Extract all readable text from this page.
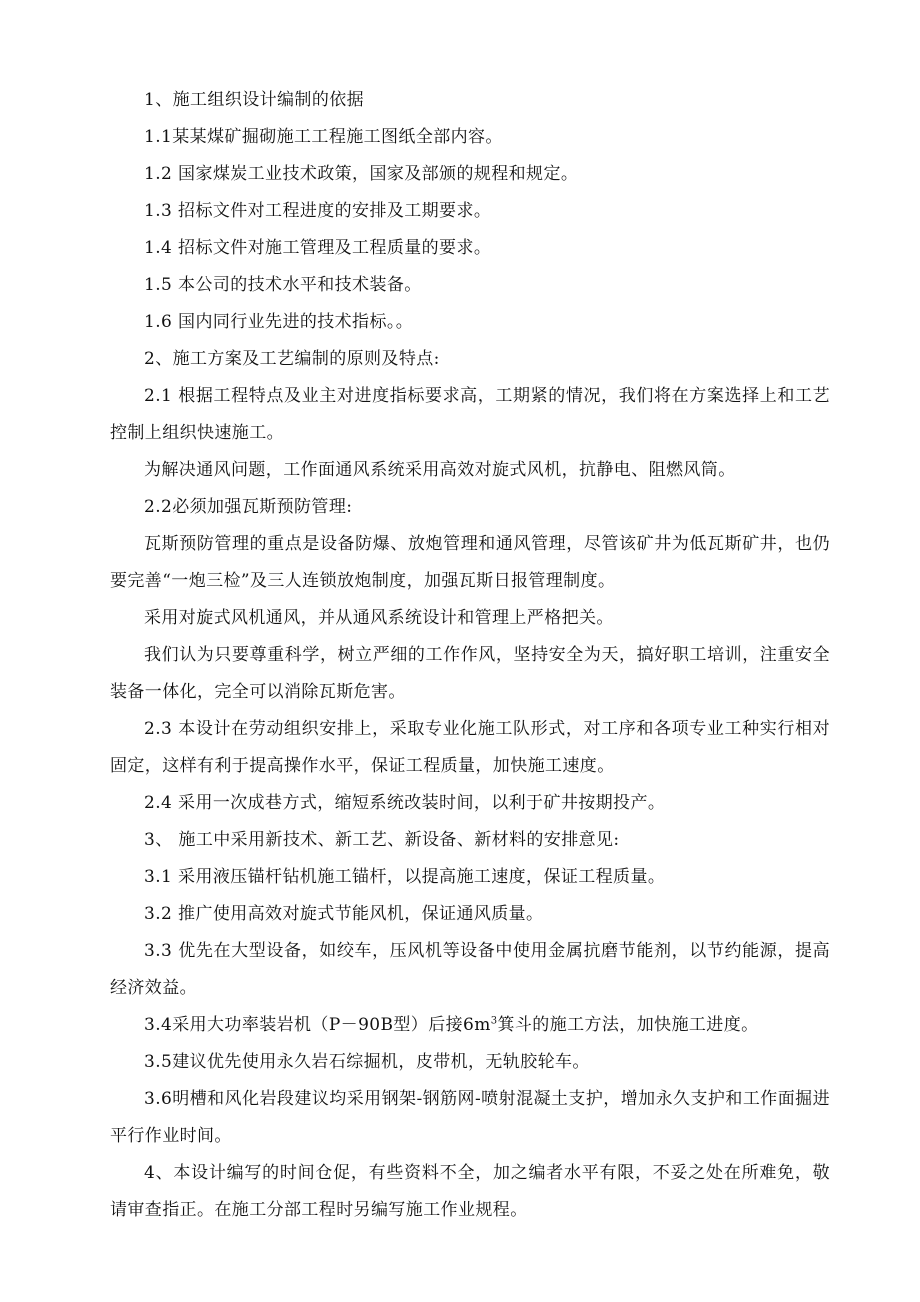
1、施工组织设计编制的依据

1.1某某煤矿掘砌施工工程施工图纸全部内容。

1.2 国家煤炭工业技术政策，国家及部颁的规程和规定。

1.3 招标文件对工程进度的安排及工期要求。

1.4 招标文件对施工管理及工程质量的要求。

1.5 本公司的技术水平和技术装备。

1.6 国内同行业先进的技术指标。。

2、施工方案及工艺编制的原则及特点:

2.1 根据工程特点及业主对进度指标要求高，工期紧的情况，我们将在方案选择上和工艺控制上组织快速施工。

为解决通风问题，工作面通风系统采用高效对旋式风机，抗静电、阻燃风筒。

2.2必须加强瓦斯预防管理:

瓦斯预防管理的重点是设备防爆、放炮管理和通风管理，尽管该矿井为低瓦斯矿井，也仍要完善“一炮三检”及三人连锁放炮制度，加强瓦斯日报管理制度。

采用对旋式风机通风，并从通风系统设计和管理上严格把关。

我们认为只要尊重科学，树立严细的工作作风，坚持安全为天，搞好职工培训，注重安全装备一体化，完全可以消除瓦斯危害。

2.3 本设计在劳动组织安排上，采取专业化施工队形式，对工序和各项专业工种实行相对固定，这样有利于提高操作水平，保证工程质量，加快施工速度。

2.4 采用一次成巷方式，缩短系统改装时间，以利于矿井按期投产。

3、 施工中采用新技术、新工艺、新设备、新材料的安排意见:

3.1 采用液压锚杆钻机施工锚杆，以提高施工速度，保证工程质量。

3.2 推广使用高效对旋式节能风机，保证通风质量。

3.3 优先在大型设备，如绞车，压风机等设备中使用金属抗磨节能剂，以节约能源，提高经济效益。

3.4采用大功率装岩机（P－90B型）后接$6m^3$箕斗的施工方法，加快施工进度。

3.5建议优先使用永久岩石综掘机，皮带机，无轨胶轮车。

3.6明槽和风化岩段建议均采用钢架-钢筋网-喷射混凝土支护，增加永久支护和工作面掘进平行作业时间。

4、本设计编写的时间仓促，有些资料不全，加之编者水平有限，不妥之处在所难免，敬请审查指正。在施工分部工程时另编写施工作业规程。
